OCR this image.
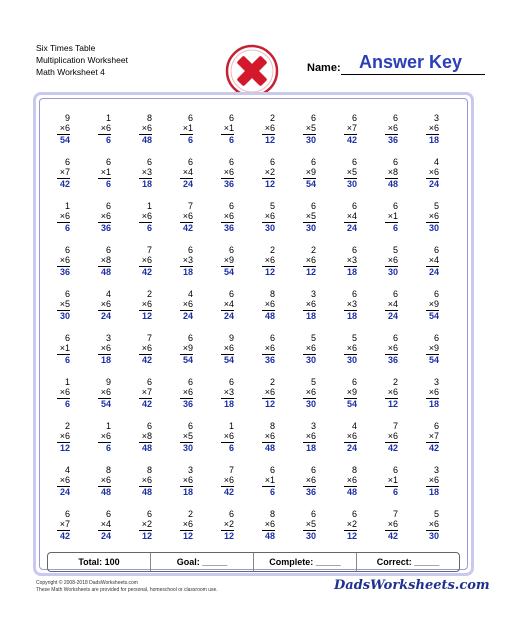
Six Times Table
Multiplication Worksheet
Math Worksheet 4	Name: Answer Key
9
×6
54
1
×6
6
8
×6
48
6
×1
6
6
×1
6
2
×6
12
6
×5
30
6
×7
42
6
×6
36
3
×6
18
6
×7
42
6
×1
6
6
×3
18
6
×4
24
6
×6
36
6
×2
12
6
×9
54
6
×5
30
6
×8
48
4
×6
24
1
×6
6
6
×6
36
1
×6
6
7
×6
42
6
×6
36
5
×6
30
6
×5
30
6
×4
24
6
×1
6
5
×6
30
6
×6
36
6
×8
48
7
×6
42
6
×3
18
6
×9
54
2
×6
12
2
×6
12
6
×3
18
5
×6
30
6
×4
24
6
×5
30
4
×6
24
2
×6
12
4
×6
24
6
×4
24
8
×6
48
3
×6
18
6
×3
18
6
×4
24
6
×9
54
6
×1
6
3
×6
18
7
×6
42
6
×9
54
9
×6
54
6
×6
36
5
×6
30
5
×6
30
6
×6
36
6
×9
54
1
×6
6
9
×6
54
6
×7
42
6
×6
36
6
×3
18
2
×6
12
5
×6
30
6
×9
54
2
×6
12
3
×6
18
2
×6
12
1
×6
6
6
×8
48
6
×5
30
1
×6
6
8
×6
48
3
×6
18
4
×6
24
7
×6
42
6
×7
42
4
×6
24
8
×6
48
8
×6
48
3
×6
18
7
×6
42
6
×1
6
6
×6
36
8
×6
48
6
×1
6
3
×6
18
6
×7
42
6
×4
24
6
×2
12
2
×6
12
6
×2
12
8
×6
48
6
×5
30
6
×2
12
7
×6
42
5
×6
30
Total: 100	Goal: _____	Complete: _____	Correct: _____
Copyright © 2008-2018 DadsWorksheets.com
These Math Worksheets are provided for personal, homeschool or classroom use.	DadsWorksheets.com
